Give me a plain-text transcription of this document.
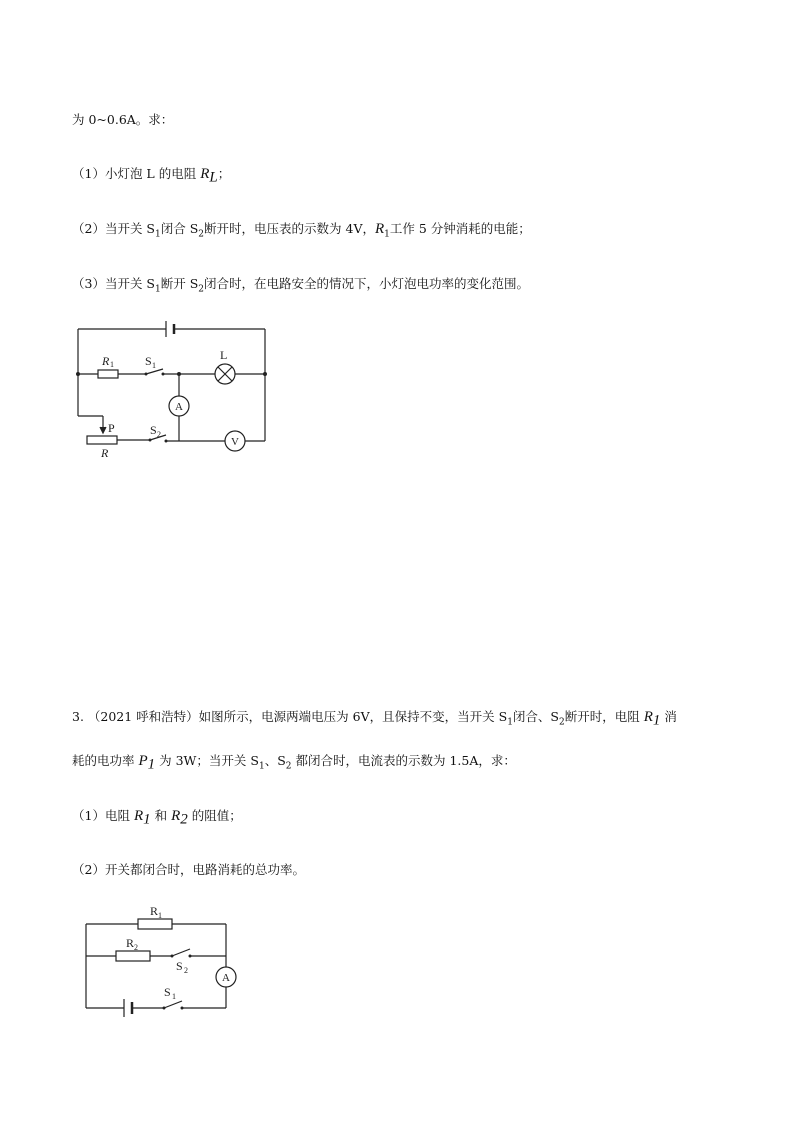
为 0~0.6A。求：
（1）小灯泡 L 的电阻 $R_L$；
（2）当开关 $S_1$闭合 $S_2$断开时，电压表的示数为 4V，$R_1$工作 5 分钟消耗的电能；
（3）当开关 $S_1$断开 $S_2$闭合时，在电路安全的情况下，小灯泡电功率的变化范围。
R 1	S 1
L
A
P	S 2
V
R
3. （2021 呼和浩特）如图所示，电源两端电压为 6V，且保持不变，当开关 $S_1$闭合、$S_2$断开时，电阻 $R_1$ 消
耗的电功率 $P_1$ 为 3W；当开关 $S_1$、$S_2$ 都闭合时，电流表的示数为 1.5A，求：
（1）电阻 $R_1$ 和 $R_2$ 的阻值；
（2）开关都闭合时，电路消耗的总功率。
R 1
R 2
S 2
A
S 1
